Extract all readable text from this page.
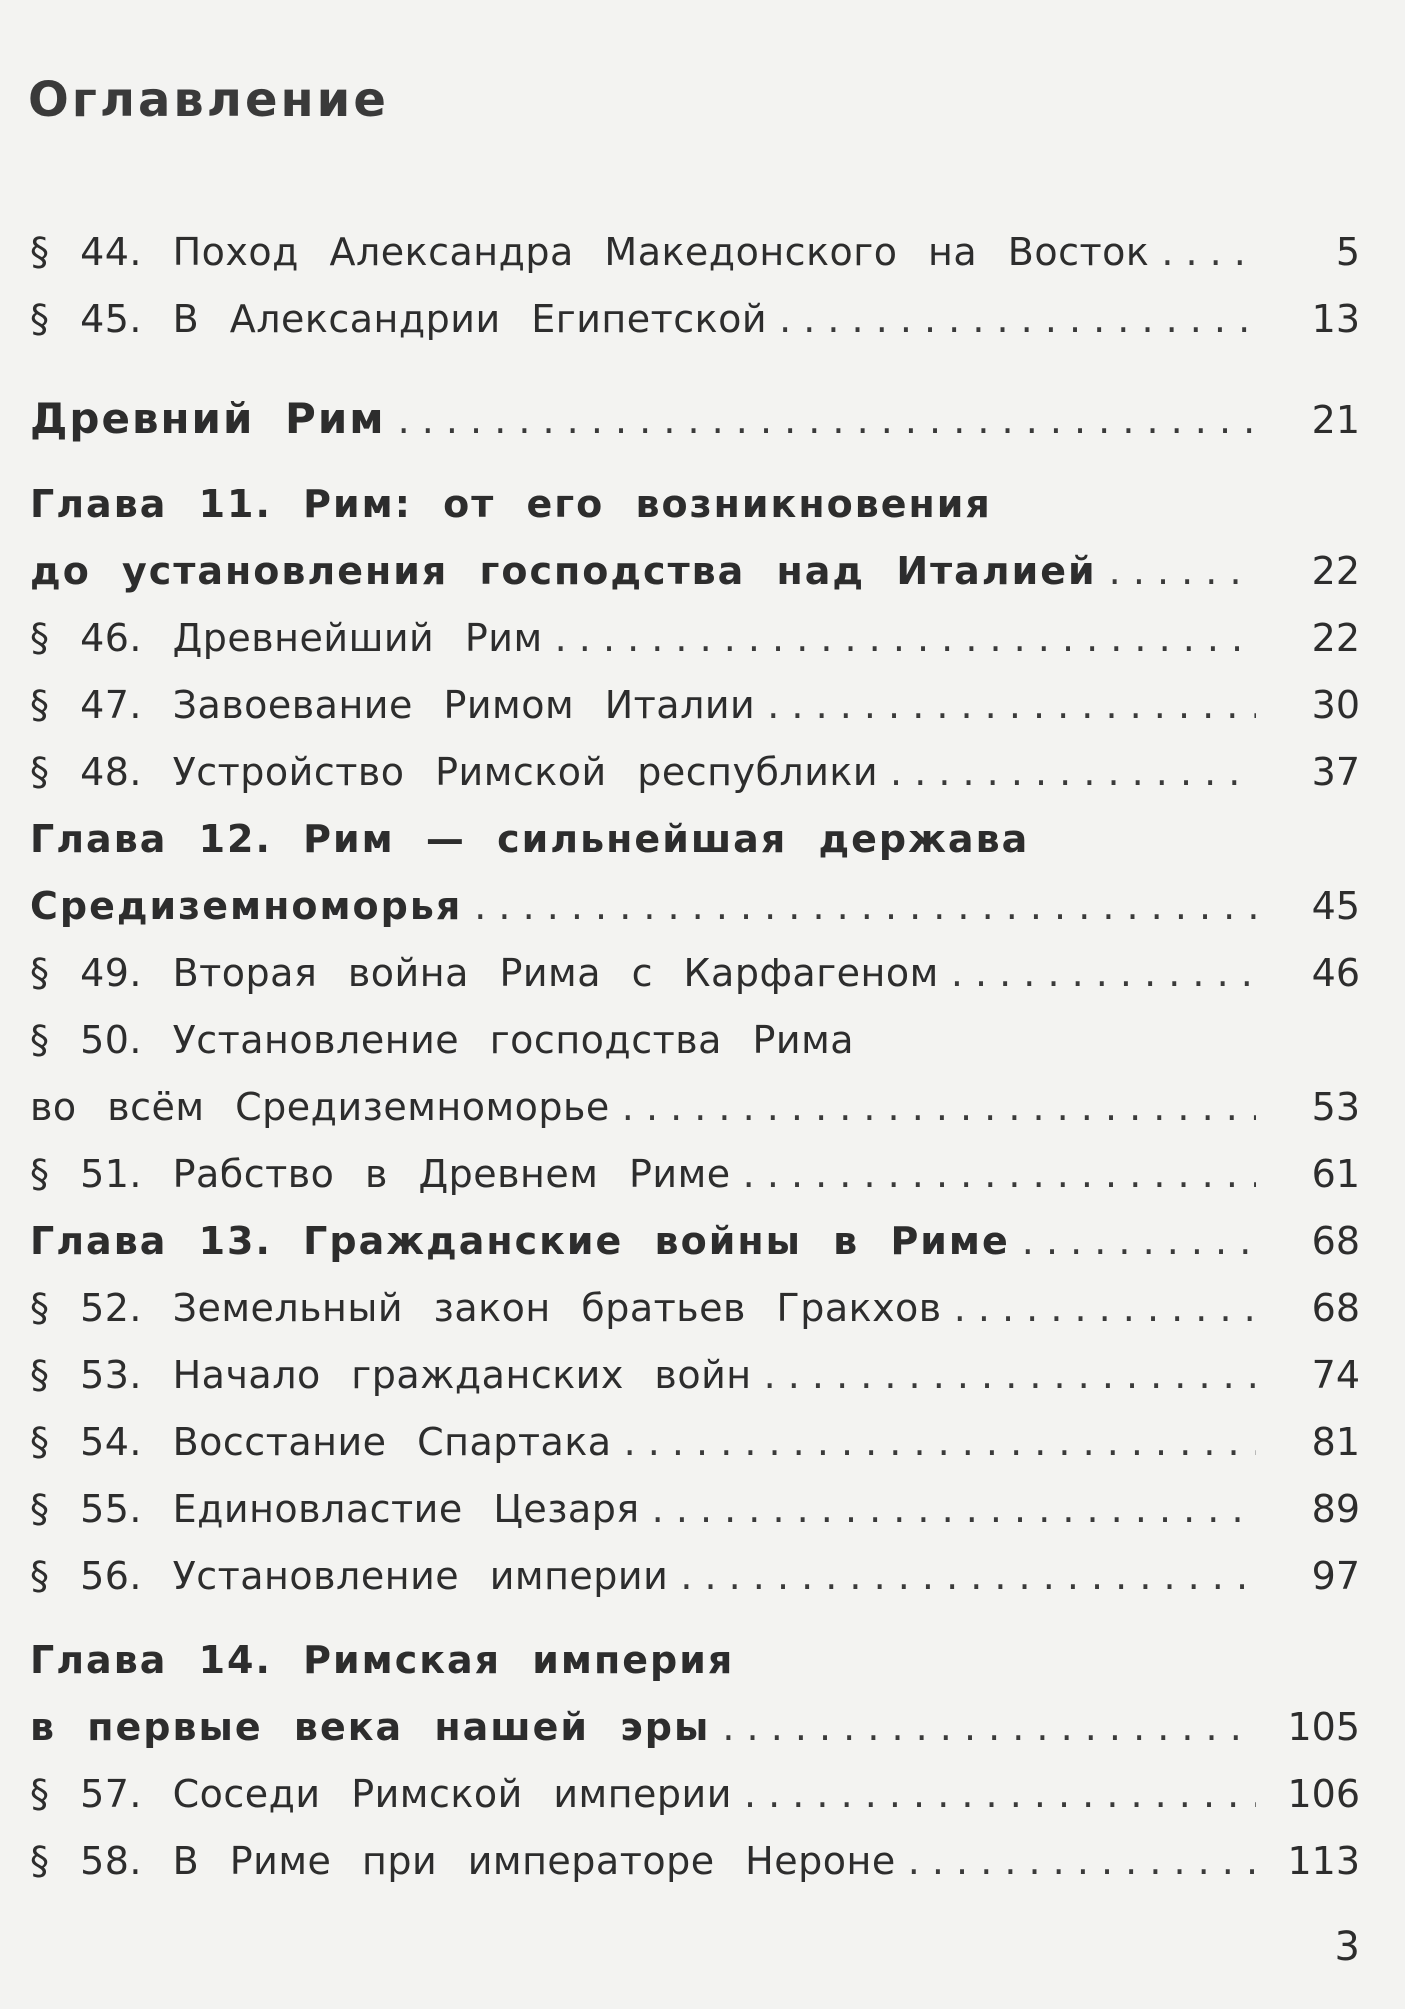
Оглавление
§ 44. Поход Александра Македонского на Восток . . .	5
§ 45. В Александрии Египетской . . .	13
Древний Рим . . .	21
Глава 11. Рим: от его возникновения
до установления господства над Италией . . .	22
§ 46. Древнейший Рим . . .	22
§ 47. Завоевание Римом Италии . . .	30
§ 48. Устройство Римской республики . . .	37
Глава 12. Рим — сильнейшая держава
Средиземноморья . . .	45
§ 49. Вторая война Рима с Карфагеном . . .	46
§ 50. Установление господства Рима
во всём Средиземноморье . . .	53
§ 51. Рабство в Древнем Риме . . .	61
Глава 13. Гражданские войны в Риме . . .	68
§ 52. Земельный закон братьев Гракхов . . .	68
§ 53. Начало гражданских войн . . .	74
§ 54. Восстание Спартака . . .	81
§ 55. Единовластие Цезаря . . .	89
§ 56. Установление империи . . .	97
Глава 14. Римская империя
в первые века нашей эры . . .	105
§ 57. Соседи Римской империи . . .	106
§ 58. В Риме при императоре Нероне . . .	113
3
